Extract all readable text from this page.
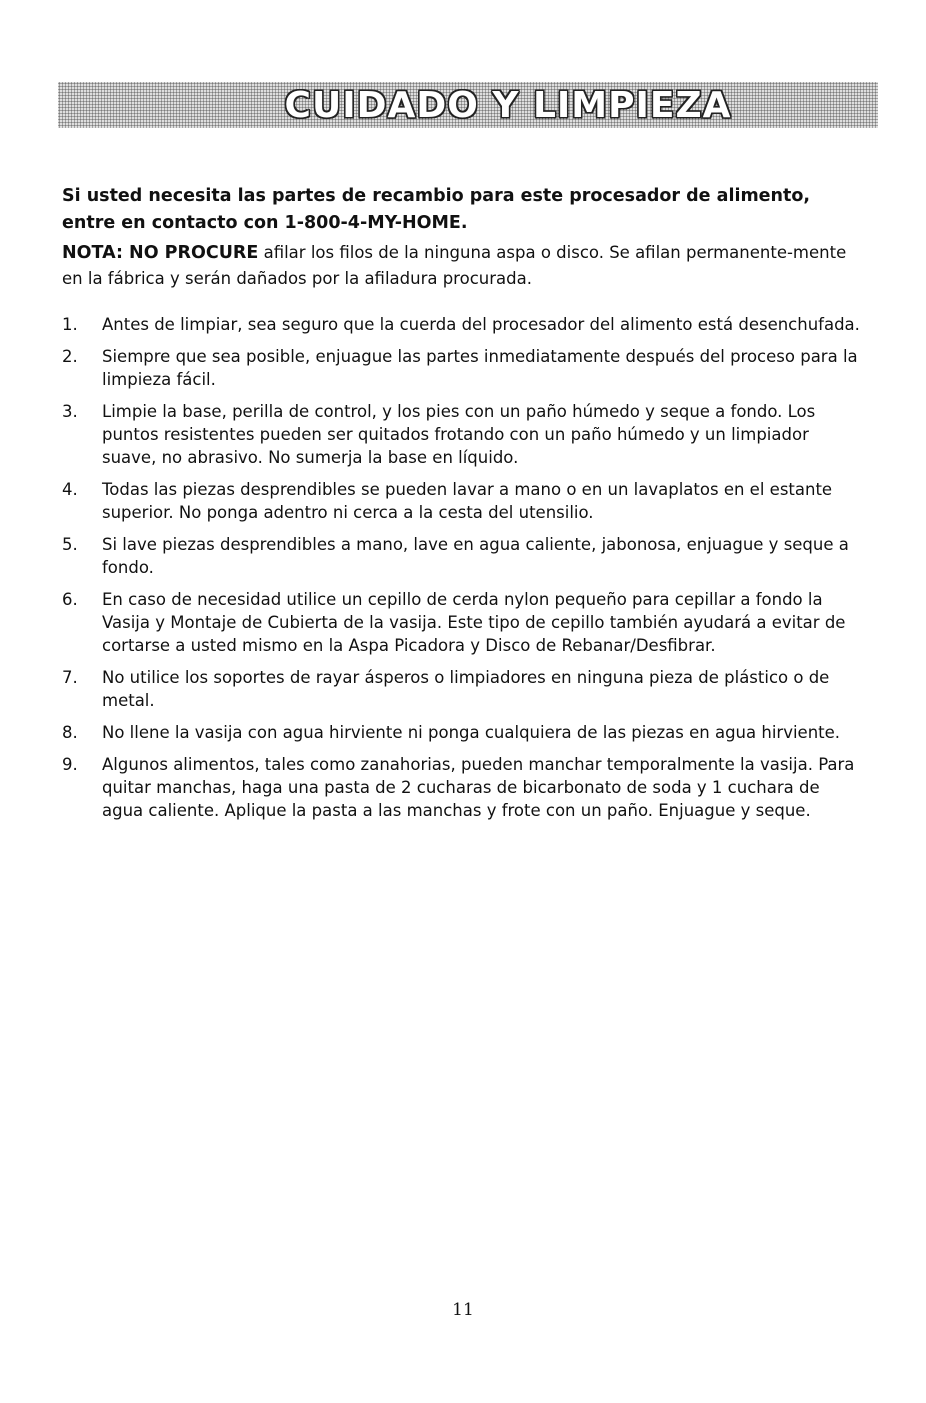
CUIDADO Y LIMPIEZA

Si usted necesita las partes de recambio para este procesador de alimento, entre en contacto con 1-800-4-MY-HOME.

NOTA: NO PROCURE afilar los filos de la ninguna aspa o disco. Se afilan permanente-mente en la fábrica y serán dañados por la afiladura procurada.

1.	Antes de limpiar, sea seguro que la cuerda del procesador del alimento está desenchufada.
2.	Siempre que sea posible, enjuague las partes inmediatamente después del proceso para la limpieza fácil.
3.	Limpie la base, perilla de control, y los pies con un paño húmedo y seque a fondo. Los puntos resistentes pueden ser quitados frotando con un paño húmedo y un limpiador suave, no abrasivo. No sumerja la base en líquido.
4.	Todas las piezas desprendibles se pueden lavar a mano o en un lavaplatos en el estante superior. No ponga adentro ni cerca a la cesta del utensilio.
5.	Si lave piezas desprendibles a mano, lave en agua caliente, jabonosa, enjuague y seque a fondo.
6.	En caso de necesidad utilice un cepillo de cerda nylon pequeño para cepillar a fondo la Vasija y Montaje de Cubierta de la vasija. Este tipo de cepillo también ayudará a evitar de cortarse a usted mismo en la Aspa Picadora y Disco de Rebanar/Desfibrar.
7.	No utilice los soportes de rayar ásperos o limpiadores en ninguna pieza de plástico o de metal.
8.	No llene la vasija con agua hirviente ni ponga cualquiera de las piezas en agua hirviente.
9.	Algunos alimentos, tales como zanahorias, pueden manchar temporalmente la vasija. Para quitar manchas, haga una pasta de 2 cucharas de bicarbonato de soda y 1 cuchara de agua caliente. Aplique la pasta a las manchas y frote con un paño. Enjuague y seque.
11
